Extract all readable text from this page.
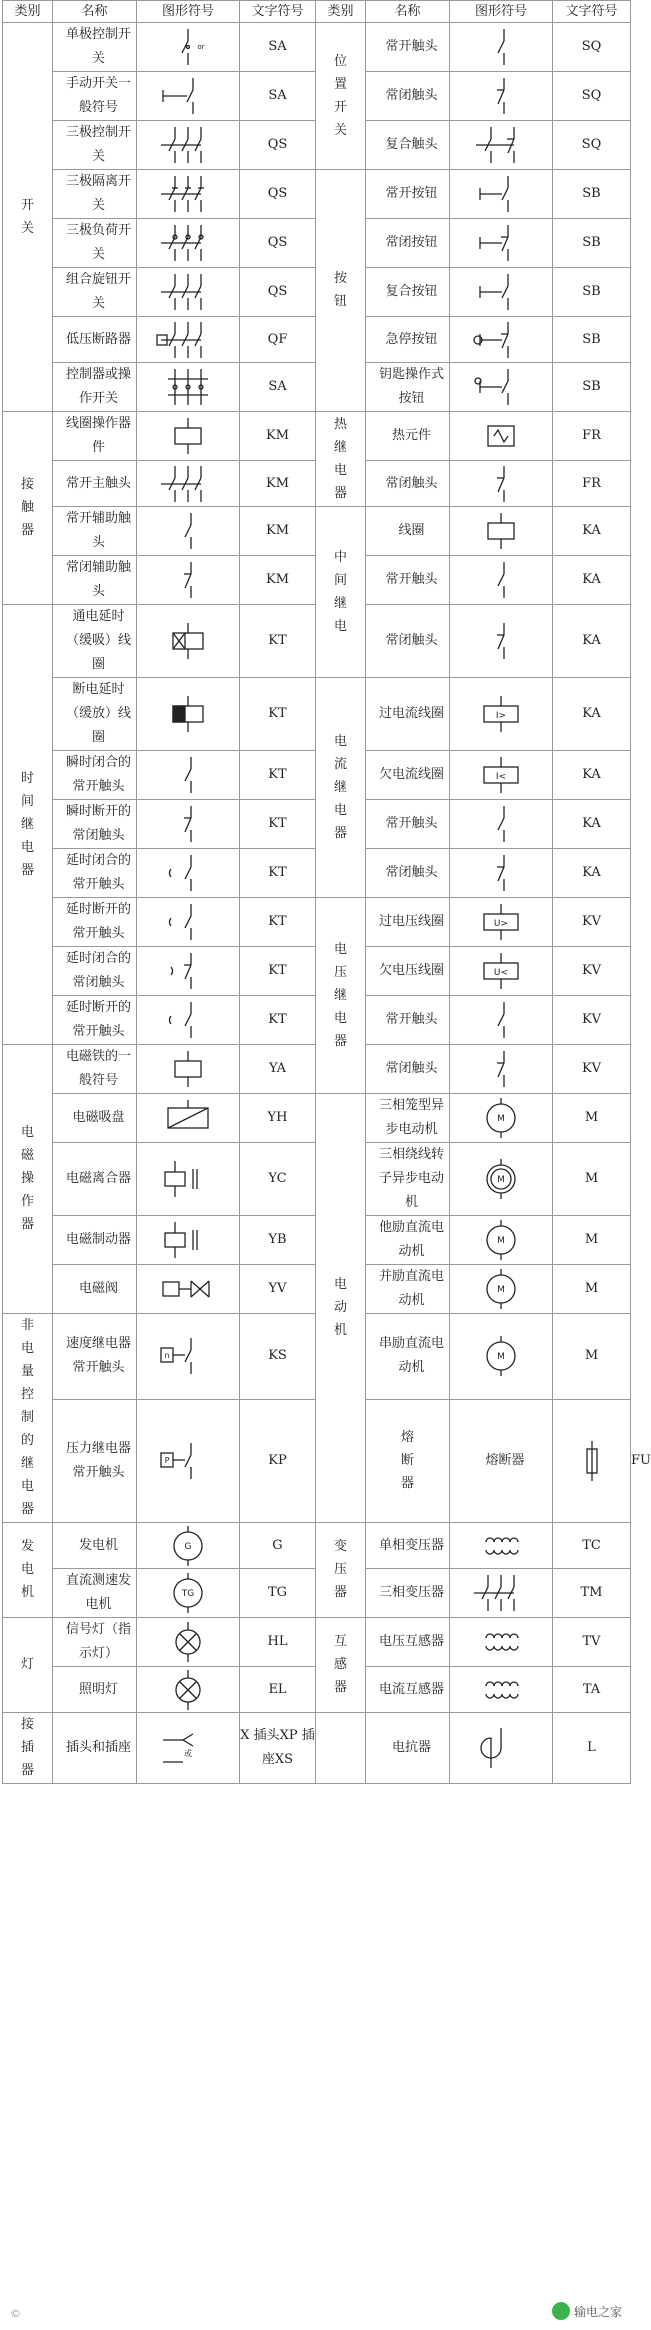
类别	名称	图形符号	文字符号	类别	名称	图形符号	文字符号	
开关	单极控制开关	or	SA	位置开关	常开触头		SQ	
	手动开关一般符号		SA		常闭触头		SQ	
	三极控制开关		QS		复合触头		SQ	
	三极隔离开关		QS	按钮	常开按钮		SB	
	三极负荷开关		QS		常闭按钮		SB	
	组合旋钮开关		QS		复合按钮		SB	
	低压断路器		QF		急停按钮		SB	
	控制器或操作开关		SA		钥匙操作式按钮		SB	
接触器	线圈操作器件		KM	热继电器	热元件		FR	
	常开主触头		KM		常闭触头		FR	
	常开辅助触头		KM	中间继电	线圈		KA	
	常闭辅助触头		KM		常开触头		KA	
时间继电器	通电延时（缓吸）线圈		KT		常闭触头		KA	
	断电延时（缓放）线圈		KT	电流继电器	过电流线圈	I>	KA	
	瞬时闭合的常开触头		KT		欠电流线圈	I<	KA	
	瞬时断开的常闭触头		KT		常开触头		KA	
	延时闭合的常开触头		KT		常闭触头		KA	
	延时断开的常开触头		KT	电压继电器	过电压线圈	U>	KV	
	延时闭合的常闭触头		KT		欠电压线圈	U<	KV	
	延时断开的常开触头		KT		常开触头		KV	
电磁操作器	电磁铁的一般符号		YA		常闭触头		KV	
	电磁吸盘		YH	电动机	三相笼型异步电动机	M	M	
	电磁离合器		YC		三相绕线转子异步电动机	M	M	
	电磁制动器		YB		他励直流电动机	M	M	
	电磁阀		YV		并励直流电动机	M	M	
非电量控制的继电器	速度继电器常开触头	n	KS		串励直流电动机	M	M	
	压力继电器常开触头	P	KP		熔断器	熔断器		FU
发电机	发电机	G	G	变压器	单相变压器		TC	
	直流测速发电机	TG	TG		三相变压器		TM	
灯	信号灯（指示灯）		HL	互感器	电压互感器		TV	
	照明灯		EL		电流互感器		TA	
接插器	插头和插座	或	X 插头XP 插座XS		电抗器		L	
©	输电之家
